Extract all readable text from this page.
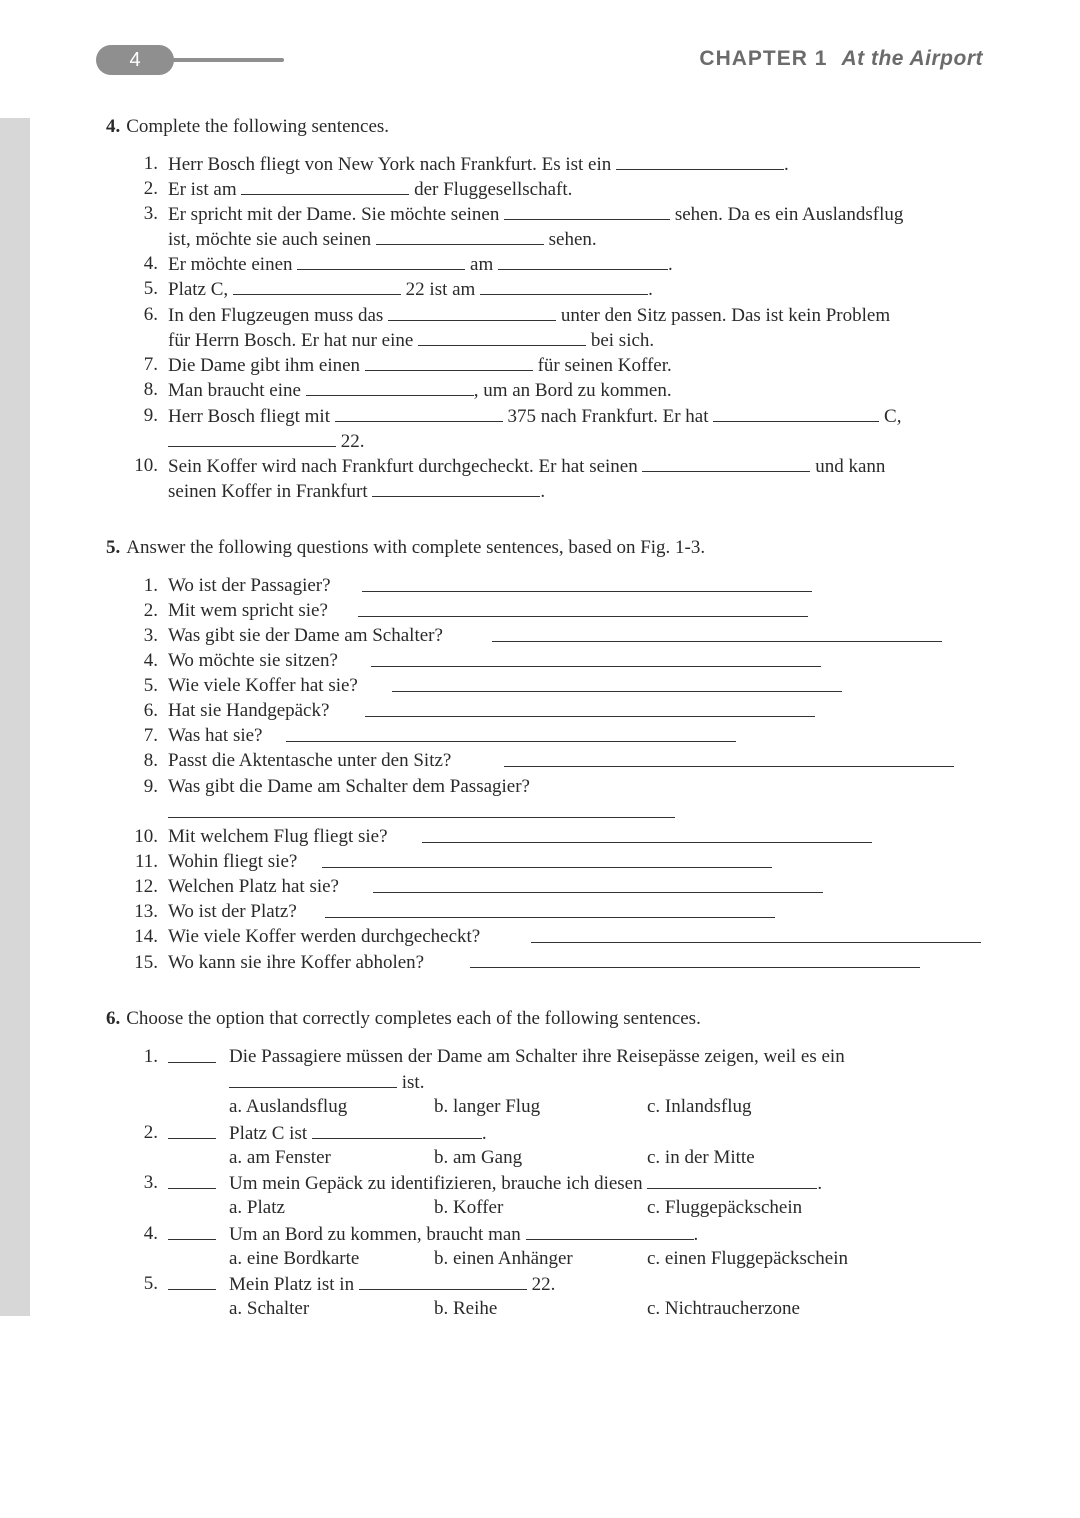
4	CHAPTER 1 At the Airport
4. Complete the following sentences.
1. Herr Bosch fliegt von New York nach Frankfurt. Es ist ein	.
2. Er ist am	der Fluggesellschaft.
3. Er spricht mit der Dame. Sie möchte seinen	sehen. Da es ein Auslandsflug
ist, möchte sie auch seinen	sehen.
4. Er möchte einen	am	.
5. Platz C,	22 ist am	.
6. In den Flugzeugen muss das	unter den Sitz passen. Das ist kein Problem
für Herrn Bosch. Er hat nur eine	bei sich.
7. Die Dame gibt ihm einen	für seinen Koffer.
8. Man braucht eine	, um an Bord zu kommen.
9. Herr Bosch fliegt mit	375 nach Frankfurt. Er hat	C,
22.
10. Sein Koffer wird nach Frankfurt durchgecheckt. Er hat seinen	und kann
seinen Koffer in Frankfurt	.
5. Answer the following questions with complete sentences, based on Fig. 1-3.
1. Wo ist der Passagier?
2. Mit wem spricht sie?
3. Was gibt sie der Dame am Schalter?
4. Wo möchte sie sitzen?
5. Wie viele Koffer hat sie?
6. Hat sie Handgepäck?
7. Was hat sie?
8. Passt die Aktentasche unter den Sitz?
9. Was gibt die Dame am Schalter dem Passagier?
10. Mit welchem Flug fliegt sie?
11. Wohin fliegt sie?
12. Welchen Platz hat sie?
13. Wo ist der Platz?
14. Wie viele Koffer werden durchgecheckt?
15. Wo kann sie ihre Koffer abholen?
6. Choose the option that correctly completes each of the following sentences.
1.	Die Passagiere müssen der Dame am Schalter ihre Reisepässe zeigen, weil es ein
ist.
a. Auslandsflug	b. langer Flug	c. Inlandsflug
2.	Platz C ist	.
a. am Fenster	b. am Gang	c. in der Mitte
3.	Um mein Gepäck zu identifizieren, brauche ich diesen	.
a. Platz	b. Koffer	c. Fluggepäckschein
4.	Um an Bord zu kommen, braucht man	.
a. eine Bordkarte	b. einen Anhänger	c. einen Fluggepäckschein
5.	Mein Platz ist in	22.
a. Schalter	b. Reihe	c. Nichtraucherzone
